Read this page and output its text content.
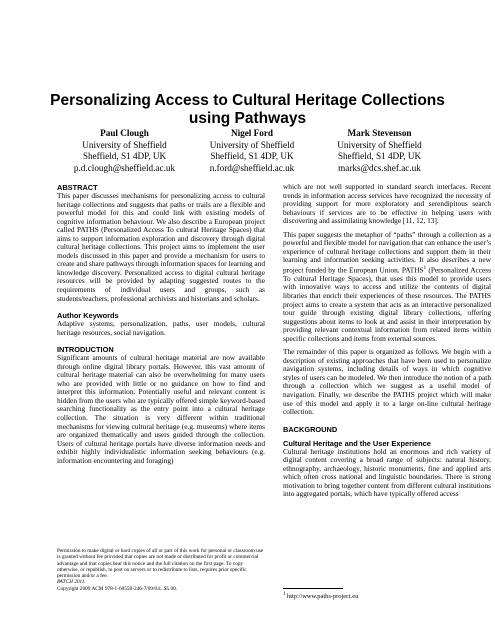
Personalizing Access to Cultural Heritage Collections
using Pathways
Paul Clough
University of Sheffield
Sheffield, S1 4DP, UK
p.d.clough@sheffield.ac.uk
Nigel Ford
University of Sheffield
Sheffield, S1 4DP, UK
n.ford@sheffield.ac.uk
Mark Stevenson
University of Sheffield
Sheffield, S1 4DP, UK
marks@dcs.shef.ac.uk
ABSTRACT

This paper discusses mechanisms for personalizing access to cultural heritage collections and suggests that paths or trails are a flexible and powerful model for this and could link with existing models of cognitive information behaviour. We also describe a European project called PATHS (Personalized Access To cultural Heritage Spaces) that aims to support information exploration and discovery through digital cultural heritage collections. This project aims to implement the user models discussed in this paper and provide a mechanism for users to create and share pathways through information spaces for learning and knowledge discovery. Personalized access to digital cultural heritage resources will be provided by adapting suggested routes to the requirements of individual users and groups, such as students/teachers, professional archivists and historians and scholars.

Author Keywords

Adaptive systems, personalization, paths, user models, cultural heritage resources, social navigation.

INTRODUCTION

Significant amounts of cultural heritage material are now available through online digital library portals. However, this vast amount of cultural heritage material can also be overwhelming for many users who are provided with little or no guidance on how to find and interpret this information. Potentially useful and relevant content is hidden from the users who are typically offered simple keyword-based searching functionality as the entry point into a cultural heritage collection. The situation is very different within traditional mechanisms for viewing cultural heritage (e.g. museums) where items are organized thematically and users guided through the collection. Users of cultural heritage portals have diverse information needs and exhibit highly individualistic information seeking behaviours (e.g. information encountering and foraging)

Permission to make digital or hard copies of all or part of this work for personal or classroom use is granted without fee provided that copies are not made or distributed for profit or commercial advantage and that copies bear this notice and the full citation on the first page. To copy otherwise, or republish, to post on servers or to redistribute to lists, requires prior specific permission and/or a fee.
PATCH 2011.
Copyright 2009 ACM 978-1-60558-246-7/09/04...$5.00.

which are not well supported in standard search interfaces. Recent trends in information access services have recognized the necessity of providing support for more exploratory and serendipitous search behaviours if services are to be effective in helping users with discovering and assimilating knowledge [11, 12, 13].

This paper suggests the metaphor of “paths” through a collection as a powerful and flexible model for navigation that can enhance the user’s experience of cultural heritage collections and support them in their learning and information seeking activities. It also describes a new project funded by the European Union, PATHS$^1$ (Personalized Access To cultural Heritage Spaces), that uses this model to provide users with innovative ways to access and utilize the contents of digital libraries that enrich their experiences of these resources. The PATHS project aims to create a system that acts as an interactive personalized tour guide through existing digital library collections, offering suggestions about items to look at and assist in their interpretation by providing relevant contextual information from related items within specific collections and items from external sources.

The remainder of this paper is organized as follows. We begin with a description of existing approaches that have been used to personalize navigation systems, including details of ways in which cognitive styles of users can be modeled. We then introduce the notion of a path through a collection which we suggest as a useful model of navigation. Finally, we describe the PATHS project which will make use of this model and apply it to a large on-line cultural heritage collection.

BACKGROUND
Cultural Heritage and the User Experience

Cultural heritage institutions hold an enormous and rich variety of digital content covering a broad range of subjects: natural history, ethnography, archaeology, historic monuments, fine and applied arts which often cross national and linguistic boundaries. There is strong motivation to bring together content from different cultural institutions into aggregated portals, which have typically offered access

$^1$ http://www.paths-project.eu
